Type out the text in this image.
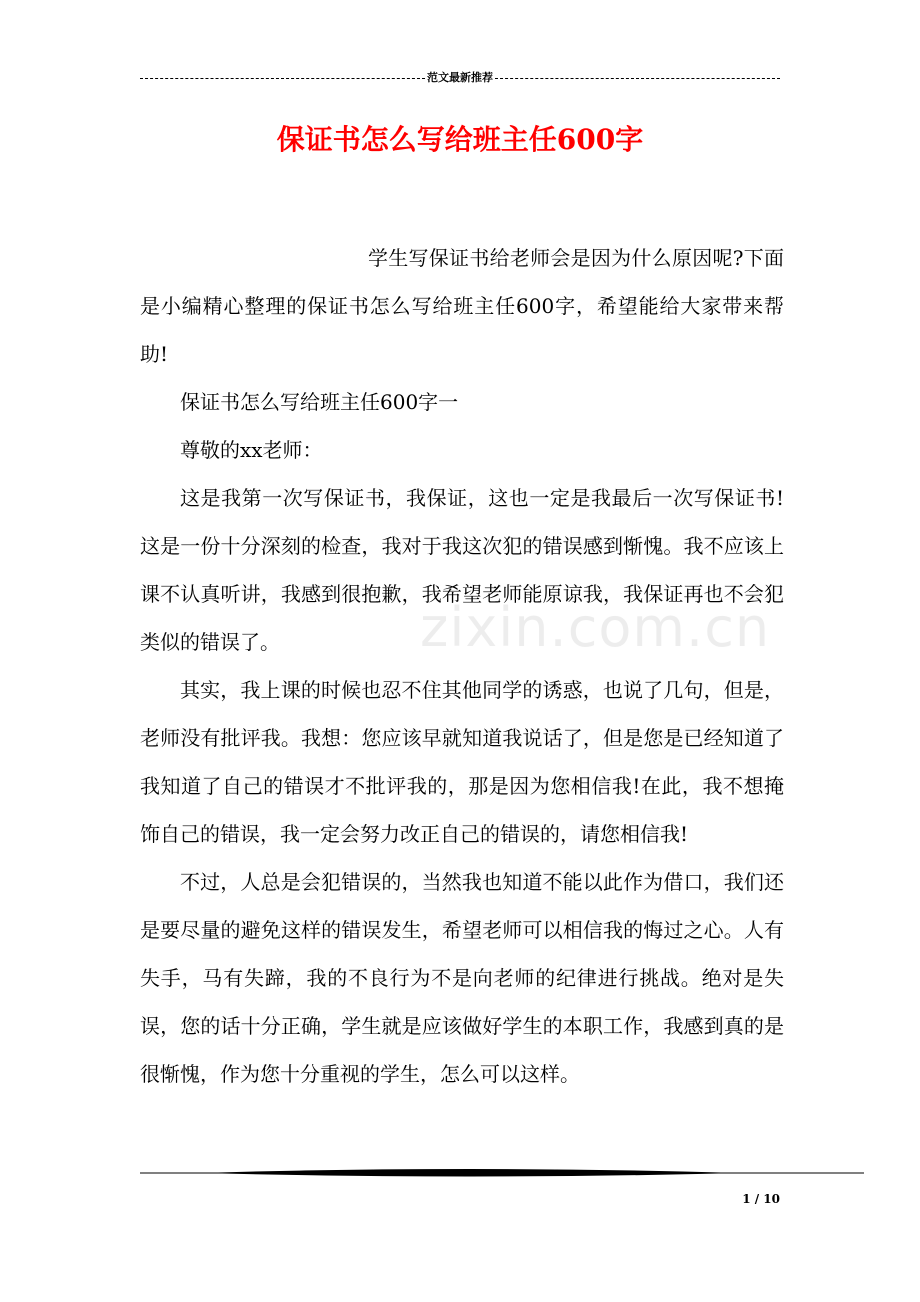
范文最新推荐
保证书怎么写给班主任600字

学生写保证书给老师会是因为什么原因呢?下面是小编精心整理的保证书怎么写给班主任600字，希望能给大家带来帮助!

保证书怎么写给班主任600字一

尊敬的xx老师：

这是我第一次写保证书，我保证，这也一定是我最后一次写保证书!这是一份十分深刻的检查，我对于我这次犯的错误感到惭愧。我不应该上课不认真听讲，我感到很抱歉，我希望老师能原谅我，我保证再也不会犯类似的错误了。

其实，我上课的时候也忍不住其他同学的诱惑，也说了几句，但是，老师没有批评我。我想：您应该早就知道我说话了，但是您是已经知道了我知道了自己的错误才不批评我的，那是因为您相信我!在此，我不想掩饰自己的错误，我一定会努力改正自己的错误的，请您相信我!

不过，人总是会犯错误的，当然我也知道不能以此作为借口，我们还是要尽量的避免这样的错误发生，希望老师可以相信我的悔过之心。人有失手，马有失蹄，我的不良行为不是向老师的纪律进行挑战。绝对是失误，您的话十分正确，学生就是应该做好学生的本职工作，我感到真的是很惭愧，作为您十分重视的学生，怎么可以这样。

zixin.com.cn
1 / 10
